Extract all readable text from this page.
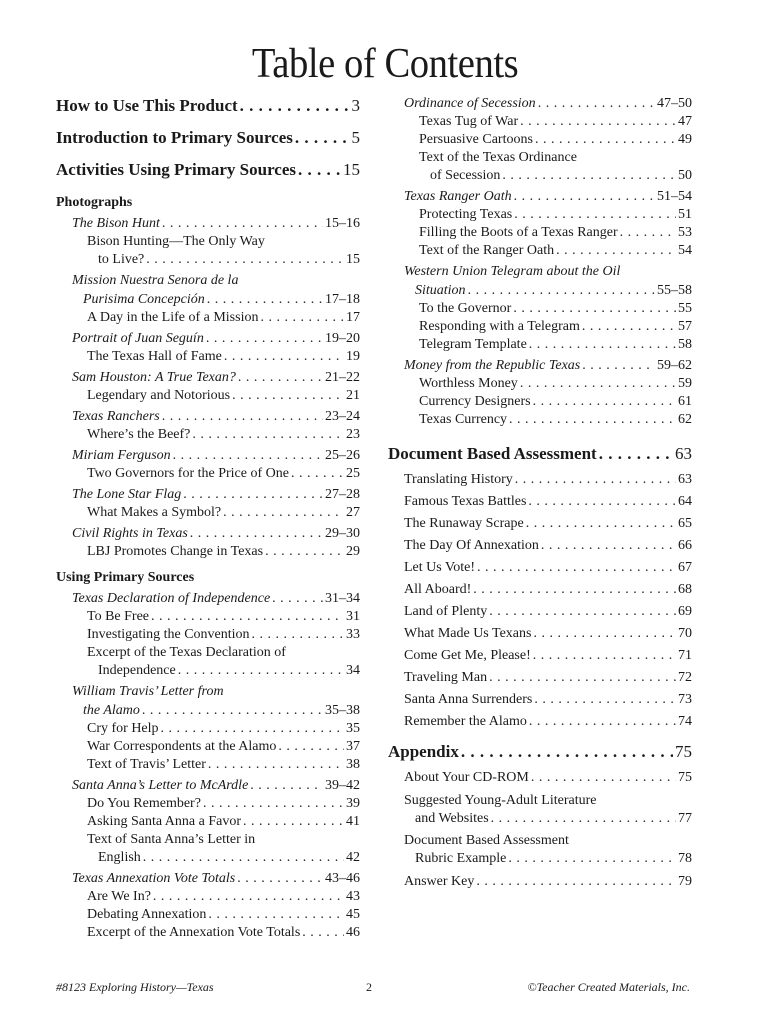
Table of Contents
How to Use This Product . . .	3
Introduction to Primary Sources . . .	5
Activities Using Primary Sources . . .	15
Photographs
The Bison Hunt . . .	15–16
Bison Hunting—The Only Way
to Live? . . .	15
Mission Nuestra Senora de la
Purisima Concepción . . .	17–18
A Day in the Life of a Mission . . .	17
Portrait of Juan Seguín . . .	19–20
The Texas Hall of Fame . . .	19
Sam Houston: A True Texan? . . .	21–22
Legendary and Notorious . . .	21
Texas Ranchers . . .	23–24
Where’s the Beef? . . .	23
Miriam Ferguson . . .	25–26
Two Governors for the Price of One . . .	25
The Lone Star Flag . . .	27–28
What Makes a Symbol? . . .	27
Civil Rights in Texas . . .	29–30
LBJ Promotes Change in Texas . . .	29
Using Primary Sources
Texas Declaration of Independence . . .	31–34
To Be Free . . .	31
Investigating the Convention . . .	33
Excerpt of the Texas Declaration of
Independence . . .	34
William Travis’ Letter from
the Alamo . . .	35–38
Cry for Help . . .	35
War Correspondents at the Alamo . . .	37
Text of Travis’ Letter . . .	38
Santa Anna’s Letter to McArdle . . .	39–42
Do You Remember? . . .	39
Asking Santa Anna a Favor . . .	41
Text of Santa Anna’s Letter in
English . . .	42
Texas Annexation Vote Totals . . .	43–46
Are We In? . . .	43
Debating Annexation . . .	45
Excerpt of the Annexation Vote Totals . . .	46
Ordinance of Secession . . .	47–50
Texas Tug of War . . .	47
Persuasive Cartoons . . .	49
Text of the Texas Ordinance
of Secession . . .	50
Texas Ranger Oath . . .	51–54
Protecting Texas . . .	51
Filling the Boots of a Texas Ranger . . .	53
Text of the Ranger Oath . . .	54
Western Union Telegram about the Oil
Situation . . .	55–58
To the Governor . . .	55
Responding with a Telegram . . .	57
Telegram Template . . .	58
Money from the Republic Texas . . .	59–62
Worthless Money . . .	59
Currency Designers . . .	61
Texas Currency . . .	62
Document Based Assessment . . .	63
Translating History . . .	63
Famous Texas Battles . . .	64
The Runaway Scrape . . .	65
The Day Of Annexation . . .	66
Let Us Vote! . . .	67
All Aboard! . . .	68
Land of Plenty . . .	69
What Made Us Texans . . .	70
Come Get Me, Please! . . .	71
Traveling Man . . .	72
Santa Anna Surrenders . . .	73
Remember the Alamo . . .	74
Appendix . . .	75
About Your CD-ROM . . .	75
Suggested Young-Adult Literature
and Websites . . .	77
Document Based Assessment
Rubric Example . . .	78
Answer Key . . .	79
#8123 Exploring History—Texas	2	©Teacher Created Materials, Inc.
